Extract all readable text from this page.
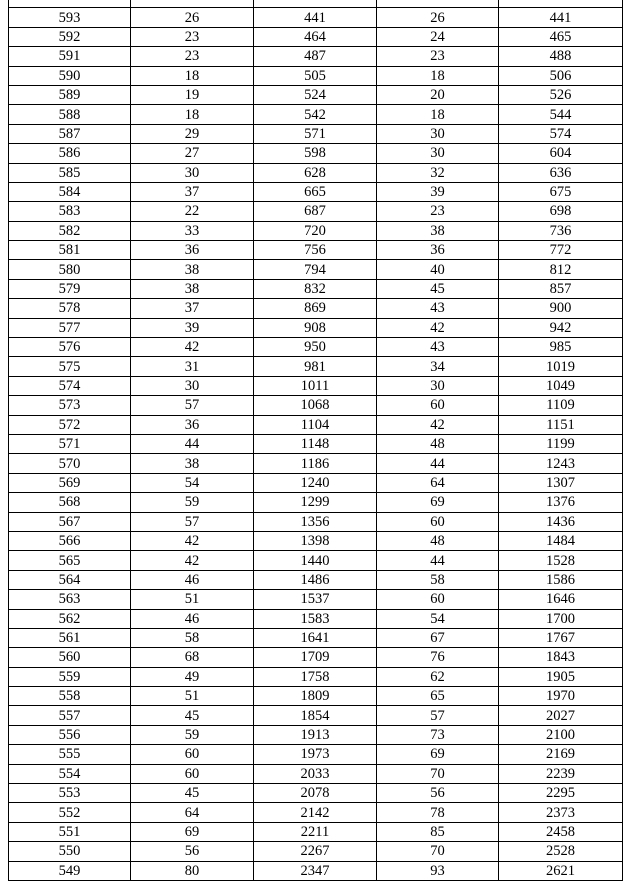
593	26	441	26	441
592	23	464	24	465
591	23	487	23	488
590	18	505	18	506
589	19	524	20	526
588	18	542	18	544
587	29	571	30	574
586	27	598	30	604
585	30	628	32	636
584	37	665	39	675
583	22	687	23	698
582	33	720	38	736
581	36	756	36	772
580	38	794	40	812
579	38	832	45	857
578	37	869	43	900
577	39	908	42	942
576	42	950	43	985
575	31	981	34	1019
574	30	1011	30	1049
573	57	1068	60	1109
572	36	1104	42	1151
571	44	1148	48	1199
570	38	1186	44	1243
569	54	1240	64	1307
568	59	1299	69	1376
567	57	1356	60	1436
566	42	1398	48	1484
565	42	1440	44	1528
564	46	1486	58	1586
563	51	1537	60	1646
562	46	1583	54	1700
561	58	1641	67	1767
560	68	1709	76	1843
559	49	1758	62	1905
558	51	1809	65	1970
557	45	1854	57	2027
556	59	1913	73	2100
555	60	1973	69	2169
554	60	2033	70	2239
553	45	2078	56	2295
552	64	2142	78	2373
551	69	2211	85	2458
550	56	2267	70	2528
549	80	2347	93	2621
